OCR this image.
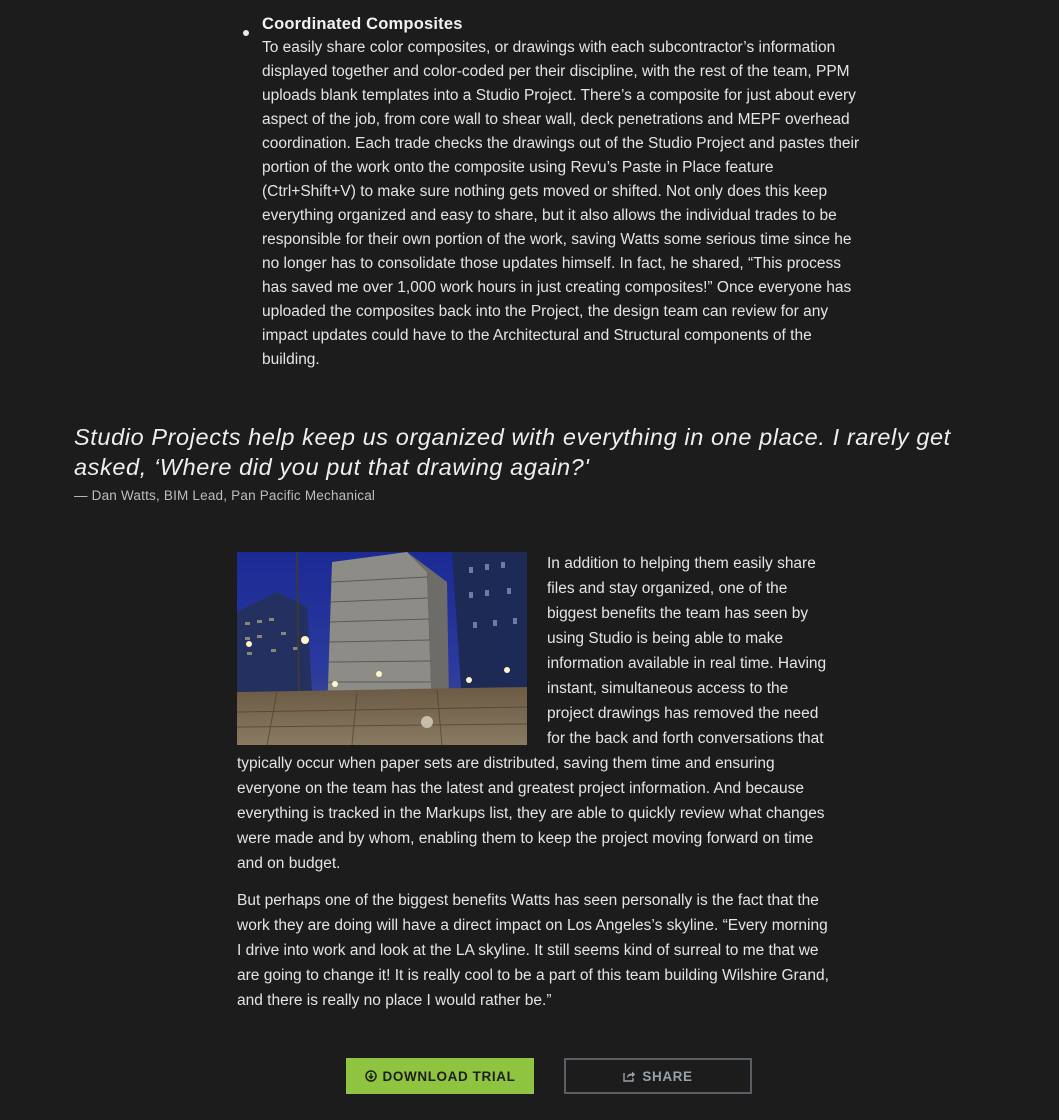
Coordinated Composites

To easily share color composites, or drawings with each subcontractor’s information displayed together and color-coded per their discipline, with the rest of the team, PPM uploads blank templates into a Studio Project. There’s a composite for just about every aspect of the job, from core wall to shear wall, deck penetrations and MEPF overhead coordination. Each trade checks the drawings out of the Studio Project and pastes their portion of the work onto the composite using Revu’s Paste in Place feature (Ctrl+Shift+V) to make sure nothing gets moved or shifted. Not only does this keep everything organized and easy to share, but it also allows the individual trades to be responsible for their own portion of the work, saving Watts some serious time since he no longer has to consolidate those updates himself. In fact, he shared, “This process has saved me over 1,000 work hours in just creating composites!” Once everyone has uploaded the composites back into the Project, the design team can review for any impact updates could have to the Architectural and Structural components of the building.

Studio Projects help keep us organized with everything in one place. I rarely get asked, ‘Where did you put that drawing again?'
— Dan Watts, BIM Lead, Pan Pacific Mechanical

In addition to helping them easily share files and stay organized, one of the biggest benefits the team has seen by using Studio is being able to make information available in real time. Having instant, simultaneous access to the project drawings has removed the need for the back and forth conversations that typically occur when paper sets are distributed, saving them time and ensuring everyone on the team has the latest and greatest project information. And because everything is tracked in the Markups list, they are able to quickly review what changes were made and by whom, enabling them to keep the project moving forward on time and on budget.

But perhaps one of the biggest benefits Watts has seen personally is the fact that the work they are doing will have a direct impact on Los Angeles’s skyline. “Every morning I drive into work and look at the LA skyline. It still seems kind of surreal to me that we are going to change it! It is really cool to be a part of this team building Wilshire Grand, and there is really no place I would rather be.”

DOWNLOAD TRIAL	SHARE
